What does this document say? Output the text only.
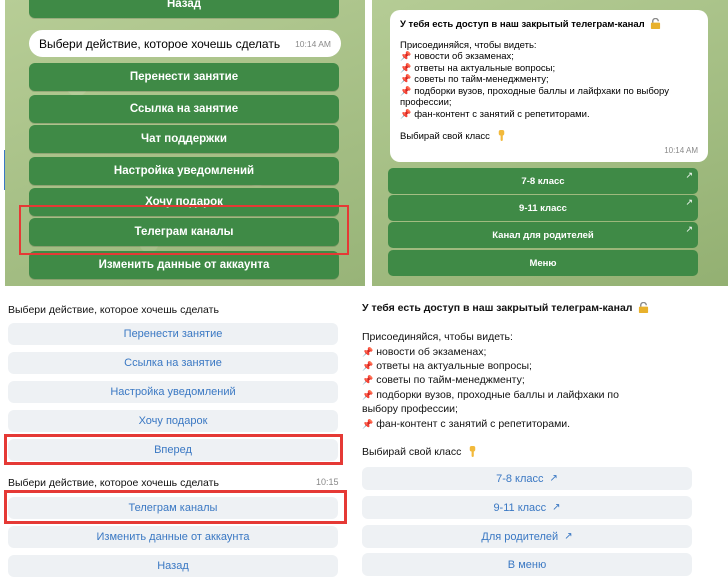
Назад
Выбери действие, которое хочешь сделать 10:14 AM
Перенести занятие
Ссылка на занятие
Чат поддержки
Настройка уведомлений
Хочу подарок
Телеграм каналы
Изменить данные от аккаунта
У тебя есть доступ в наш закрытый телеграм-канал
Присоединяйся, чтобы видеть:
📌 новости об экзаменах;
📌 ответы на актуальные вопросы;
📌 советы по тайм-менеджменту;
📌 подборки вузов, проходные баллы и лайфхаки по выбору профессии;
📌 фан-контент с занятий с репетиторами.
Выбирай свой класс
10:14 AM
7-8 класс
↗
9-11 класс
↗
Канал для родителей
↗
Меню
Выбери действие, которое хочешь сделать
Перенести занятие
Ссылка на занятие
Настройка уведомлений
Хочу подарок
Вперед
Выбери действие, которое хочешь сделать	10:15
Телеграм каналы
Изменить данные от аккаунта
Назад
У тебя есть доступ в наш закрытый телеграм-канал
Присоединяйся, чтобы видеть:
📌 новости об экзаменах;
📌 ответы на актуальные вопросы;
📌 советы по тайм-менеджменту;
📌 подборки вузов, проходные баллы и лайфхаки по
выбору профессии;
📌 фан-контент с занятий с репетиторами.
Выбирай свой класс
7-8 класс ↗
9-11 класс ↗
Для родителей ↗
В меню
